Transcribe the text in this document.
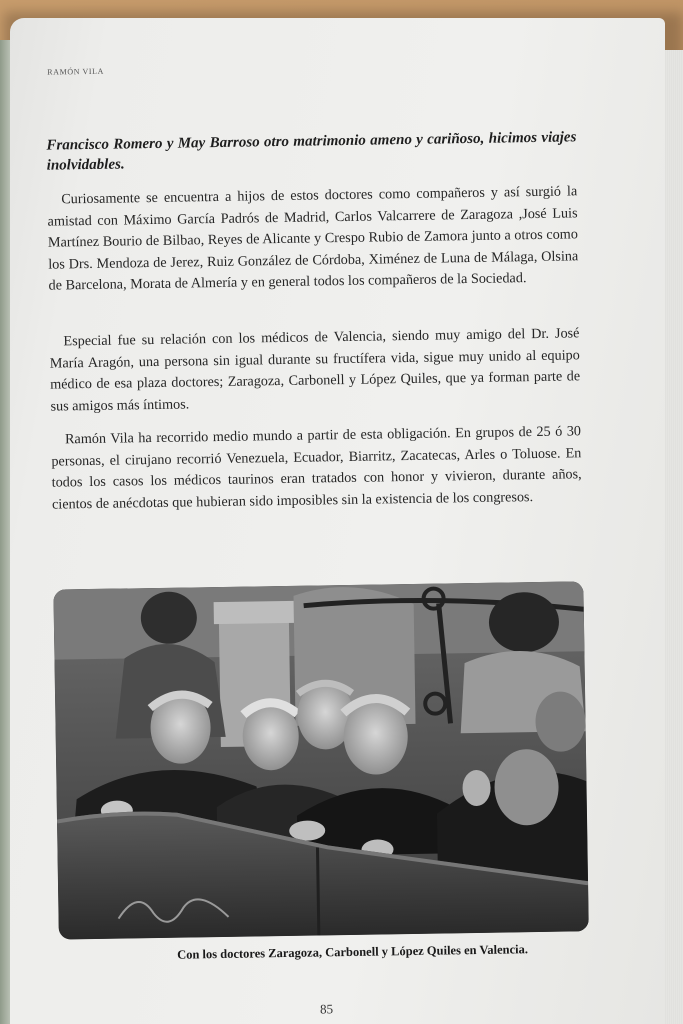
RAMÓN VILA

Francisco Romero y May Barroso otro matrimonio ameno y cariñoso, hicimos viajes inolvidables.

Curiosamente se encuentra a hijos de estos doctores como compañeros y así surgió la amistad con Máximo García Padrós de Madrid, Carlos Valcarrere de Zaragoza ,José Luis Martínez Bourio de Bilbao, Reyes de Alicante y Crespo Rubio de Zamora junto a otros como los Drs. Mendoza de Jerez, Ruiz González de Córdoba, Ximénez de Luna de Málaga, Olsina de Barcelona, Morata de Almería y en general todos los compañeros de la Sociedad.

Especial fue su relación con los médicos de Valencia, siendo muy amigo del Dr. José María Aragón, una persona sin igual durante su fructífera vida, sigue muy unido al equipo médico de esa plaza doctores; Zaragoza, Carbonell y López Quiles, que ya forman parte de sus amigos más íntimos.

Ramón Vila ha recorrido medio mundo a partir de esta obligación. En grupos de 25 ó 30 personas, el cirujano recorrió Venezuela, Ecuador, Biarritz, Zacatecas, Arles o Toluose. En todos los casos los médicos taurinos eran tratados con honor y vivieron, durante años, cientos de anécdotas que hubieran sido imposibles sin la existencia de los congresos.

Con los doctores Zaragoza, Carbonell y López Quiles en Valencia.
85
